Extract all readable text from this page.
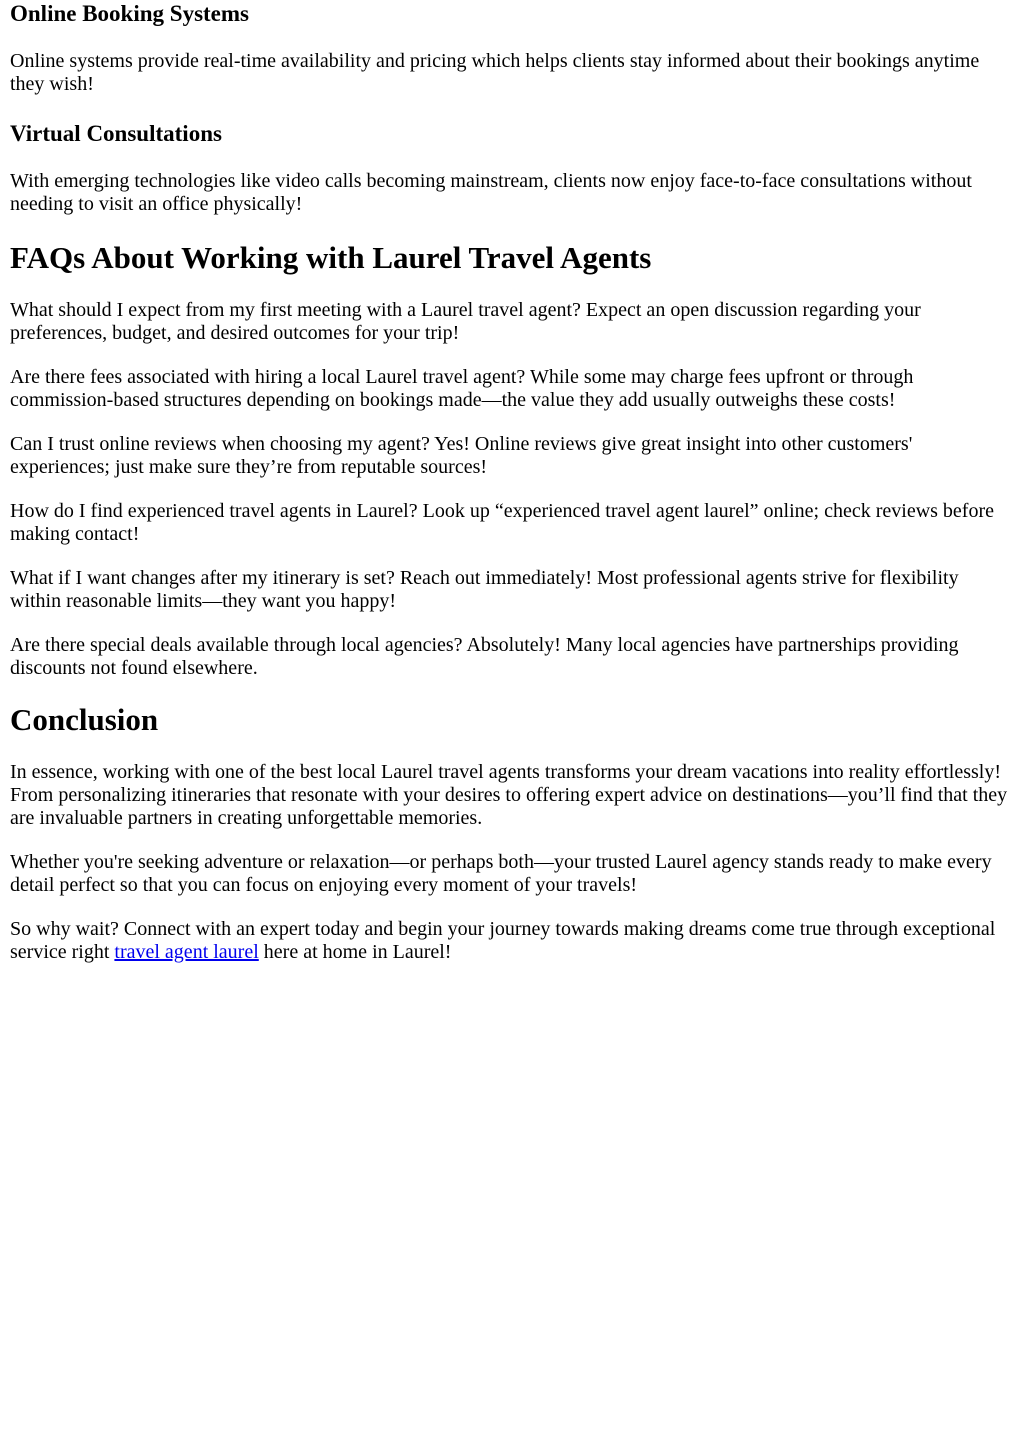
Online Booking Systems

Online systems provide real-time availability and pricing which helps clients stay informed about their bookings anytime they wish!

Virtual Consultations

With emerging technologies like video calls becoming mainstream, clients now enjoy face-to-face consultations without needing to visit an office physically!

FAQs About Working with Laurel Travel Agents

What should I expect from my first meeting with a Laurel travel agent? Expect an open discussion regarding your preferences, budget, and desired outcomes for your trip!

Are there fees associated with hiring a local Laurel travel agent? While some may charge fees upfront or through commission-based structures depending on bookings made—the value they add usually outweighs these costs!

Can I trust online reviews when choosing my agent? Yes! Online reviews give great insight into other customers' experiences; just make sure they’re from reputable sources!

How do I find experienced travel agents in Laurel? Look up “experienced travel agent laurel” online; check reviews before making contact!

What if I want changes after my itinerary is set? Reach out immediately! Most professional agents strive for flexibility within reasonable limits—they want you happy!

Are there special deals available through local agencies? Absolutely! Many local agencies have partnerships providing discounts not found elsewhere.

Conclusion

In essence, working with one of the best local Laurel travel agents transforms your dream vacations into reality effortlessly! From personalizing itineraries that resonate with your desires to offering expert advice on destinations—you’ll find that they are invaluable partners in creating unforgettable memories.

Whether you're seeking adventure or relaxation—or perhaps both—your trusted Laurel agency stands ready to make every detail perfect so that you can focus on enjoying every moment of your travels!

So why wait? Connect with an expert today and begin your journey towards making dreams come true through exceptional service right travel agent laurel here at home in Laurel!
